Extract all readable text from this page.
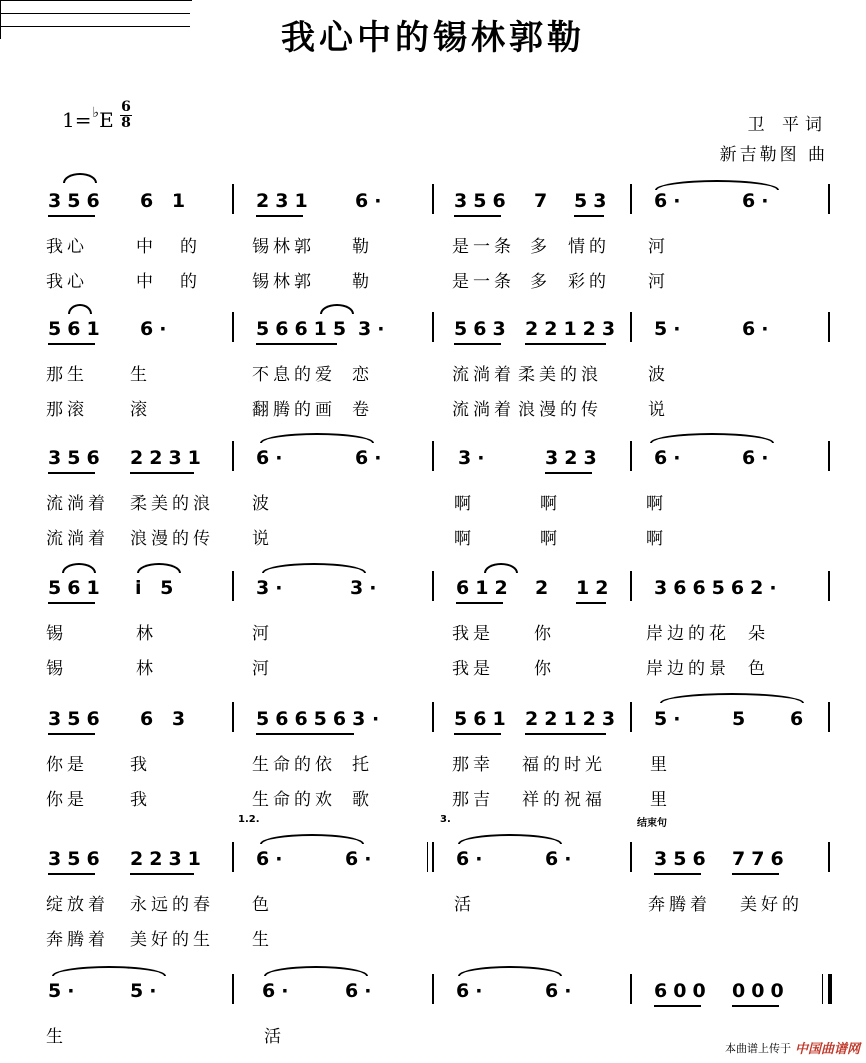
我心中的锡林郭勒
1=♭E
6
8	卫 平词
新吉勒图 曲
356 6 1	231 6·	356 7 53 6·	6·
我心	中 的	锡林郭 勒	是一条 多 情的 河
我心	中 的	锡林郭 勒	是一条 多 彩的 河
561 6·	56615 3·	563 22123 5·	6·
那生 生	不息的爱 恋	流淌着 柔美的浪	波
那滚 滚	翻腾的画 卷	流淌着 浪漫的传	说
356 2231	6·	6·	3·	323	6·	6·
流淌着 柔美的浪 波	啊	啊	啊
流淌着 浪漫的传 说	啊	啊	啊
561 i 5	3·	3·	612 2 12 366562·
锡	林	河	我是 你	岸边的花 朵
锡	林	河	我是 你	岸边的景 色
356 6 3	566563 ·	561 22123 5· 5 6
你是 我	生命的依 托	那幸 福的时光	里
你是 我	生命的欢 歌	那吉 祥的祝福	里
1.2.	3.	结束句
356 2231	6·	6·	6·	6·	356 776
绽放着 永远的春 色	活	奔腾着 美好的
奔腾着 美好的生 生
5·	5·	6·	6·	6·	6·	600 000
生	活
本曲谱上传于 中国曲谱网
